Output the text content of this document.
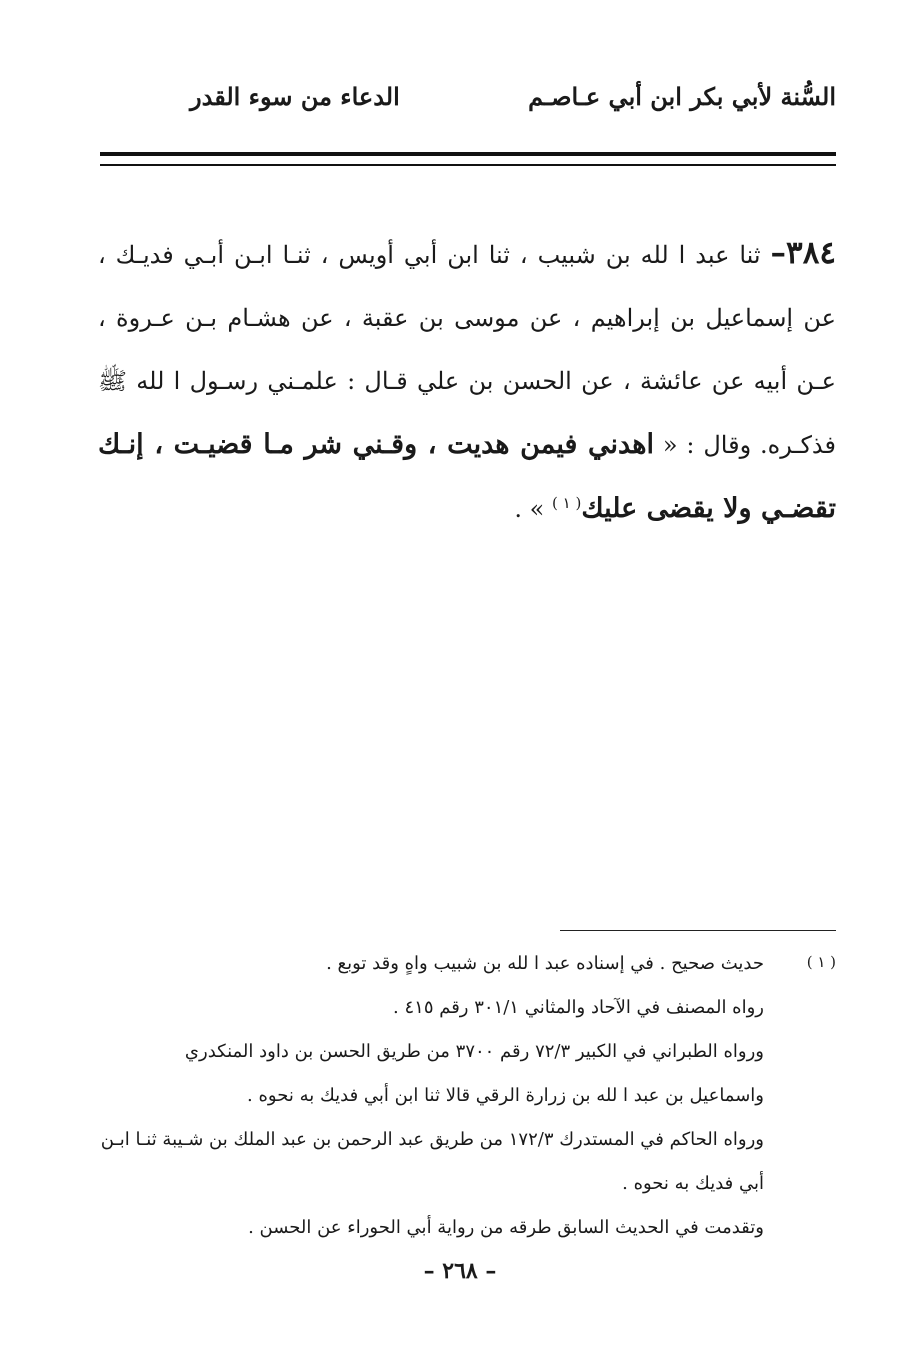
السُّنة لأبي بكر ابن أبي عـاصـم
الدعاء من سوء القدر
٣٨٤– ثنا عبد ا لله بن شبيب ، ثنا ابن أبي أويس ، ثنـا ابـن أبـي فديـك ، عن إسماعيل بن إبراهيم ، عن موسى بن عقبة ، عن هشـام بـن عـروة ، عـن أبيه عن عائشة ، عن الحسن بن علي قـال : علمـني رسـول ا لله ﷺ فذكـره. وقال : « اهدني فيمن هديت ، وقـني شر مـا قضيـت ، إنـك تقضـي ولا يقضى عليك$^{( ١ )}$ » .
( ١ )
حديث صحيح . في إسناده عبد ا لله بن شبيب واهٍ وقد توبع .
رواه المصنف في الآحاد والمثاني ٣٠١/١ رقم ٤١٥ .
ورواه الطبراني في الكبير ٧٢/٣ رقم ٣٧٠٠ من طريق الحسن بن داود المنكدري
واسماعيل بن عبد ا لله بن زرارة الرقي قالا ثنا ابن أبي فديك به نحوه .
ورواه الحاكم في المستدرك ١٧٢/٣ من طريق عبد الرحمن بن عبد الملك بن شـيبة ثنـا ابـن
أبي فديك به نحوه .
وتقدمت في الحديث السابق طرقه من رواية أبي الحوراء عن الحسن .
– ٢٦٨ –
